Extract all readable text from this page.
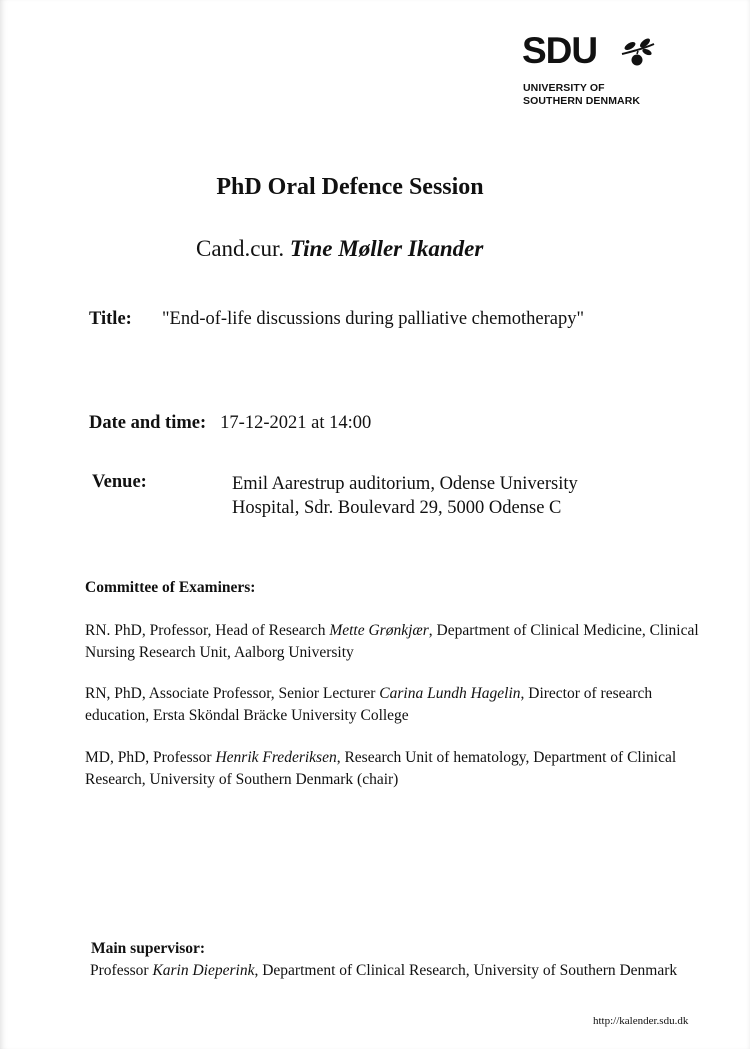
SDU
UNIVERSITY OF
SOUTHERN DENMARK
PhD Oral Defence Session
Cand.cur. Tine Møller Ikander
Title: "End-of-life discussions during palliative chemotherapy"
Date and time: 17-12-2021 at 14:00
Venue:	Emil Aarestrup auditorium, Odense University
Hospital, Sdr. Boulevard 29, 5000 Odense C
Committee of Examiners:
RN. PhD, Professor, Head of Research Mette Grønkjær, Department of Clinical Medicine, Clinical Nursing Research Unit, Aalborg University
RN, PhD, Associate Professor, Senior Lecturer Carina Lundh Hagelin, Director of research education, Ersta Sköndal Bräcke University College
MD, PhD, Professor Henrik Frederiksen, Research Unit of hematology, Department of Clinical Research, University of Southern Denmark (chair)
Main supervisor:
Professor Karin Dieperink, Department of Clinical Research, University of Southern Denmark
http://kalender.sdu.dk
